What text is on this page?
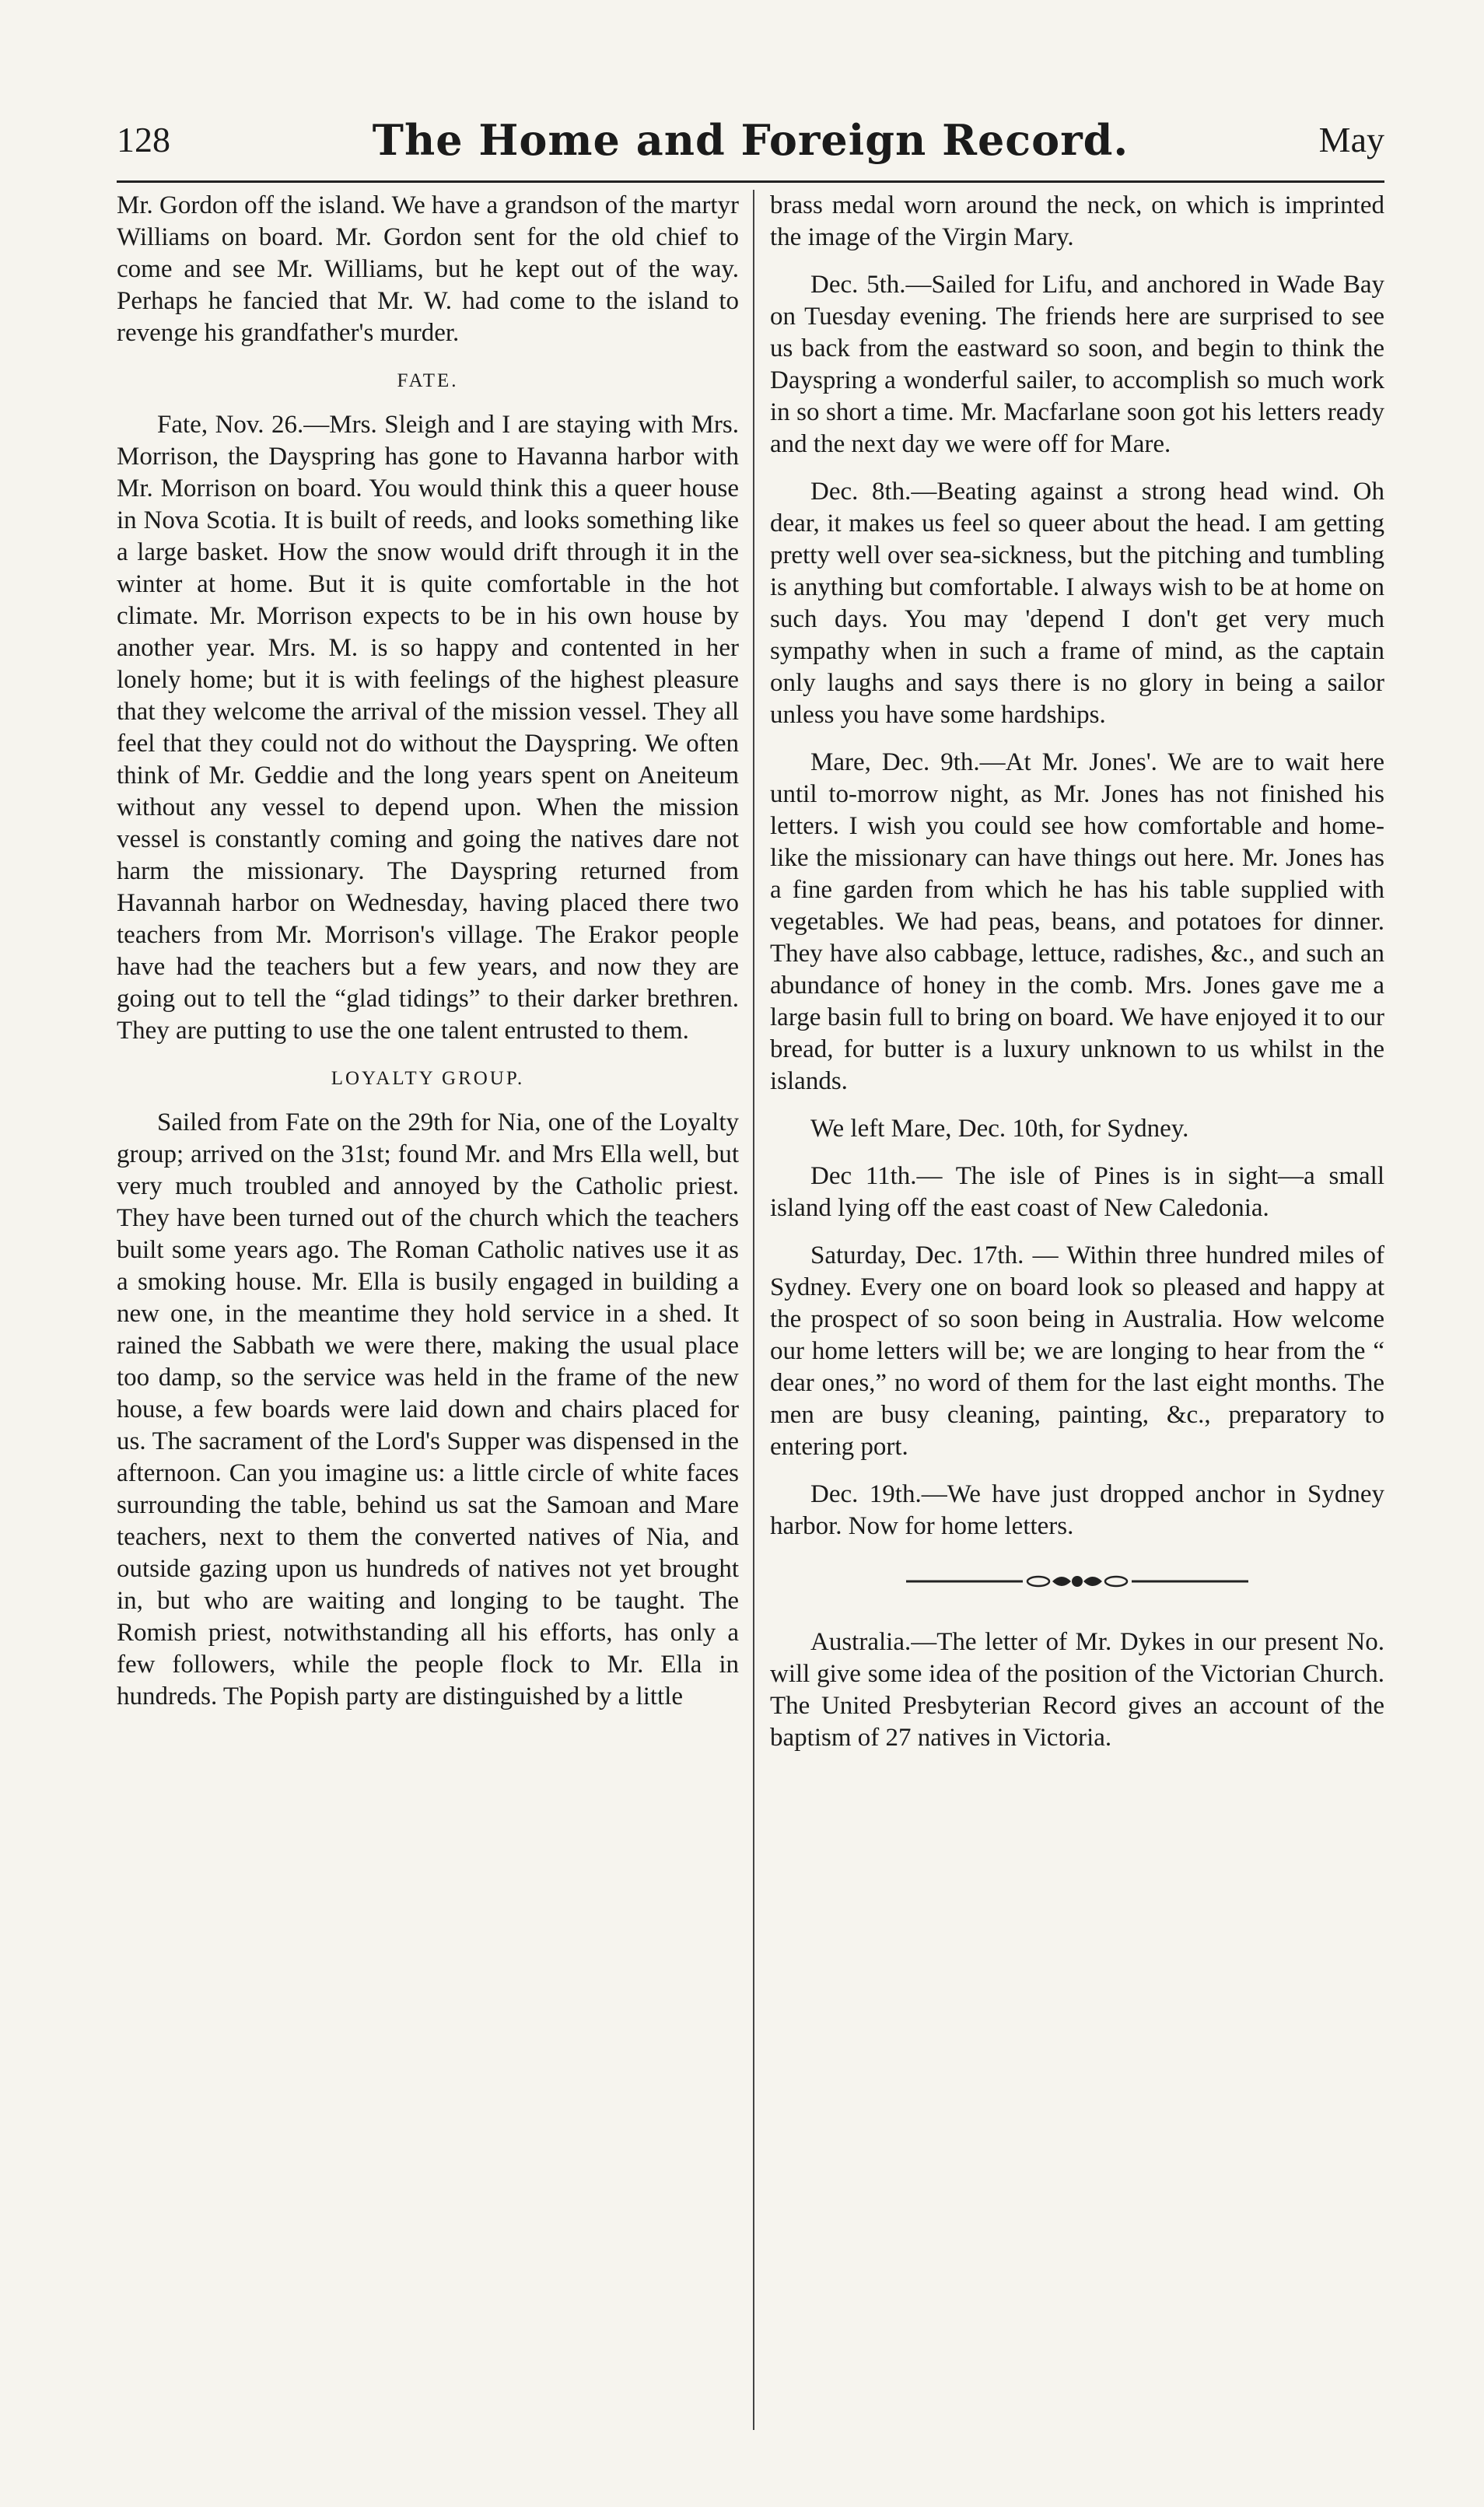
128	The Home and Foreign Record.	May

Mr. Gordon off the island. We have a grandson of the martyr Williams on board. Mr. Gordon sent for the old chief to come and see Mr. Williams, but he kept out of the way. Perhaps he fancied that Mr. W. had come to the island to revenge his grandfather's murder.

FATE.

Fate, Nov. 26.—Mrs. Sleigh and I are staying with Mrs. Morrison, the Dayspring has gone to Havanna harbor with Mr. Morrison on board. You would think this a queer house in Nova Scotia. It is built of reeds, and looks something like a large basket. How the snow would drift through it in the winter at home. But it is quite comfortable in the hot climate. Mr. Morrison expects to be in his own house by another year. Mrs. M. is so happy and contented in her lonely home; but it is with feelings of the highest pleasure that they welcome the arrival of the mission vessel. They all feel that they could not do without the Dayspring. We often think of Mr. Geddie and the long years spent on Aneiteum without any vessel to depend upon. When the mission vessel is constantly coming and going the natives dare not harm the missionary. The Dayspring returned from Havannah harbor on Wednesday, having placed there two teachers from Mr. Morrison's village. The Erakor people have had the teachers but a few years, and now they are going out to tell the “glad tidings” to their darker brethren. They are putting to use the one talent entrusted to them.

LOYALTY GROUP.

Sailed from Fate on the 29th for Nia, one of the Loyalty group; arrived on the 31st; found Mr. and Mrs Ella well, but very much troubled and annoyed by the Catholic priest. They have been turned out of the church which the teachers built some years ago. The Roman Catholic natives use it as a smoking house. Mr. Ella is busily engaged in building a new one, in the meantime they hold service in a shed. It rained the Sabbath we were there, making the usual place too damp, so the service was held in the frame of the new house, a few boards were laid down and chairs placed for us. The sacrament of the Lord's Supper was dispensed in the afternoon. Can you imagine us: a little circle of white faces surrounding the table, behind us sat the Samoan and Mare teachers, next to them the converted natives of Nia, and outside gazing upon us hundreds of natives not yet brought in, but who are waiting and longing to be taught. The Romish priest, notwithstanding all his efforts, has only a few followers, while the people flock to Mr. Ella in hundreds. The Popish party are distinguished by a little

brass medal worn around the neck, on which is imprinted the image of the Virgin Mary.

Dec. 5th.—Sailed for Lifu, and anchored in Wade Bay on Tuesday evening. The friends here are surprised to see us back from the eastward so soon, and begin to think the Dayspring a wonderful sailer, to accomplish so much work in so short a time. Mr. Macfarlane soon got his letters ready and the next day we were off for Mare.

Dec. 8th.—Beating against a strong head wind. Oh dear, it makes us feel so queer about the head. I am getting pretty well over sea-sickness, but the pitching and tumbling is anything but comfortable. I always wish to be at home on such days. You may 'depend I don't get very much sympathy when in such a frame of mind, as the captain only laughs and says there is no glory in being a sailor unless you have some hardships.

Mare, Dec. 9th.—At Mr. Jones'. We are to wait here until to-morrow night, as Mr. Jones has not finished his letters. I wish you could see how comfortable and home-like the missionary can have things out here. Mr. Jones has a fine garden from which he has his table supplied with vegetables. We had peas, beans, and potatoes for dinner. They have also cabbage, lettuce, radishes, &c., and such an abundance of honey in the comb. Mrs. Jones gave me a large basin full to bring on board. We have enjoyed it to our bread, for butter is a luxury unknown to us whilst in the islands.

We left Mare, Dec. 10th, for Sydney.

Dec 11th.— The isle of Pines is in sight—a small island lying off the east coast of New Caledonia.

Saturday, Dec. 17th. — Within three hundred miles of Sydney. Every one on board look so pleased and happy at the prospect of so soon being in Australia. How welcome our home letters will be; we are longing to hear from the “ dear ones,” no word of them for the last eight months. The men are busy cleaning, painting, &c., preparatory to entering port.

Dec. 19th.—We have just dropped anchor in Sydney harbor. Now for home letters.

Australia.—The letter of Mr. Dykes in our present No. will give some idea of the position of the Victorian Church. The United Presbyterian Record gives an account of the baptism of 27 natives in Victoria.
